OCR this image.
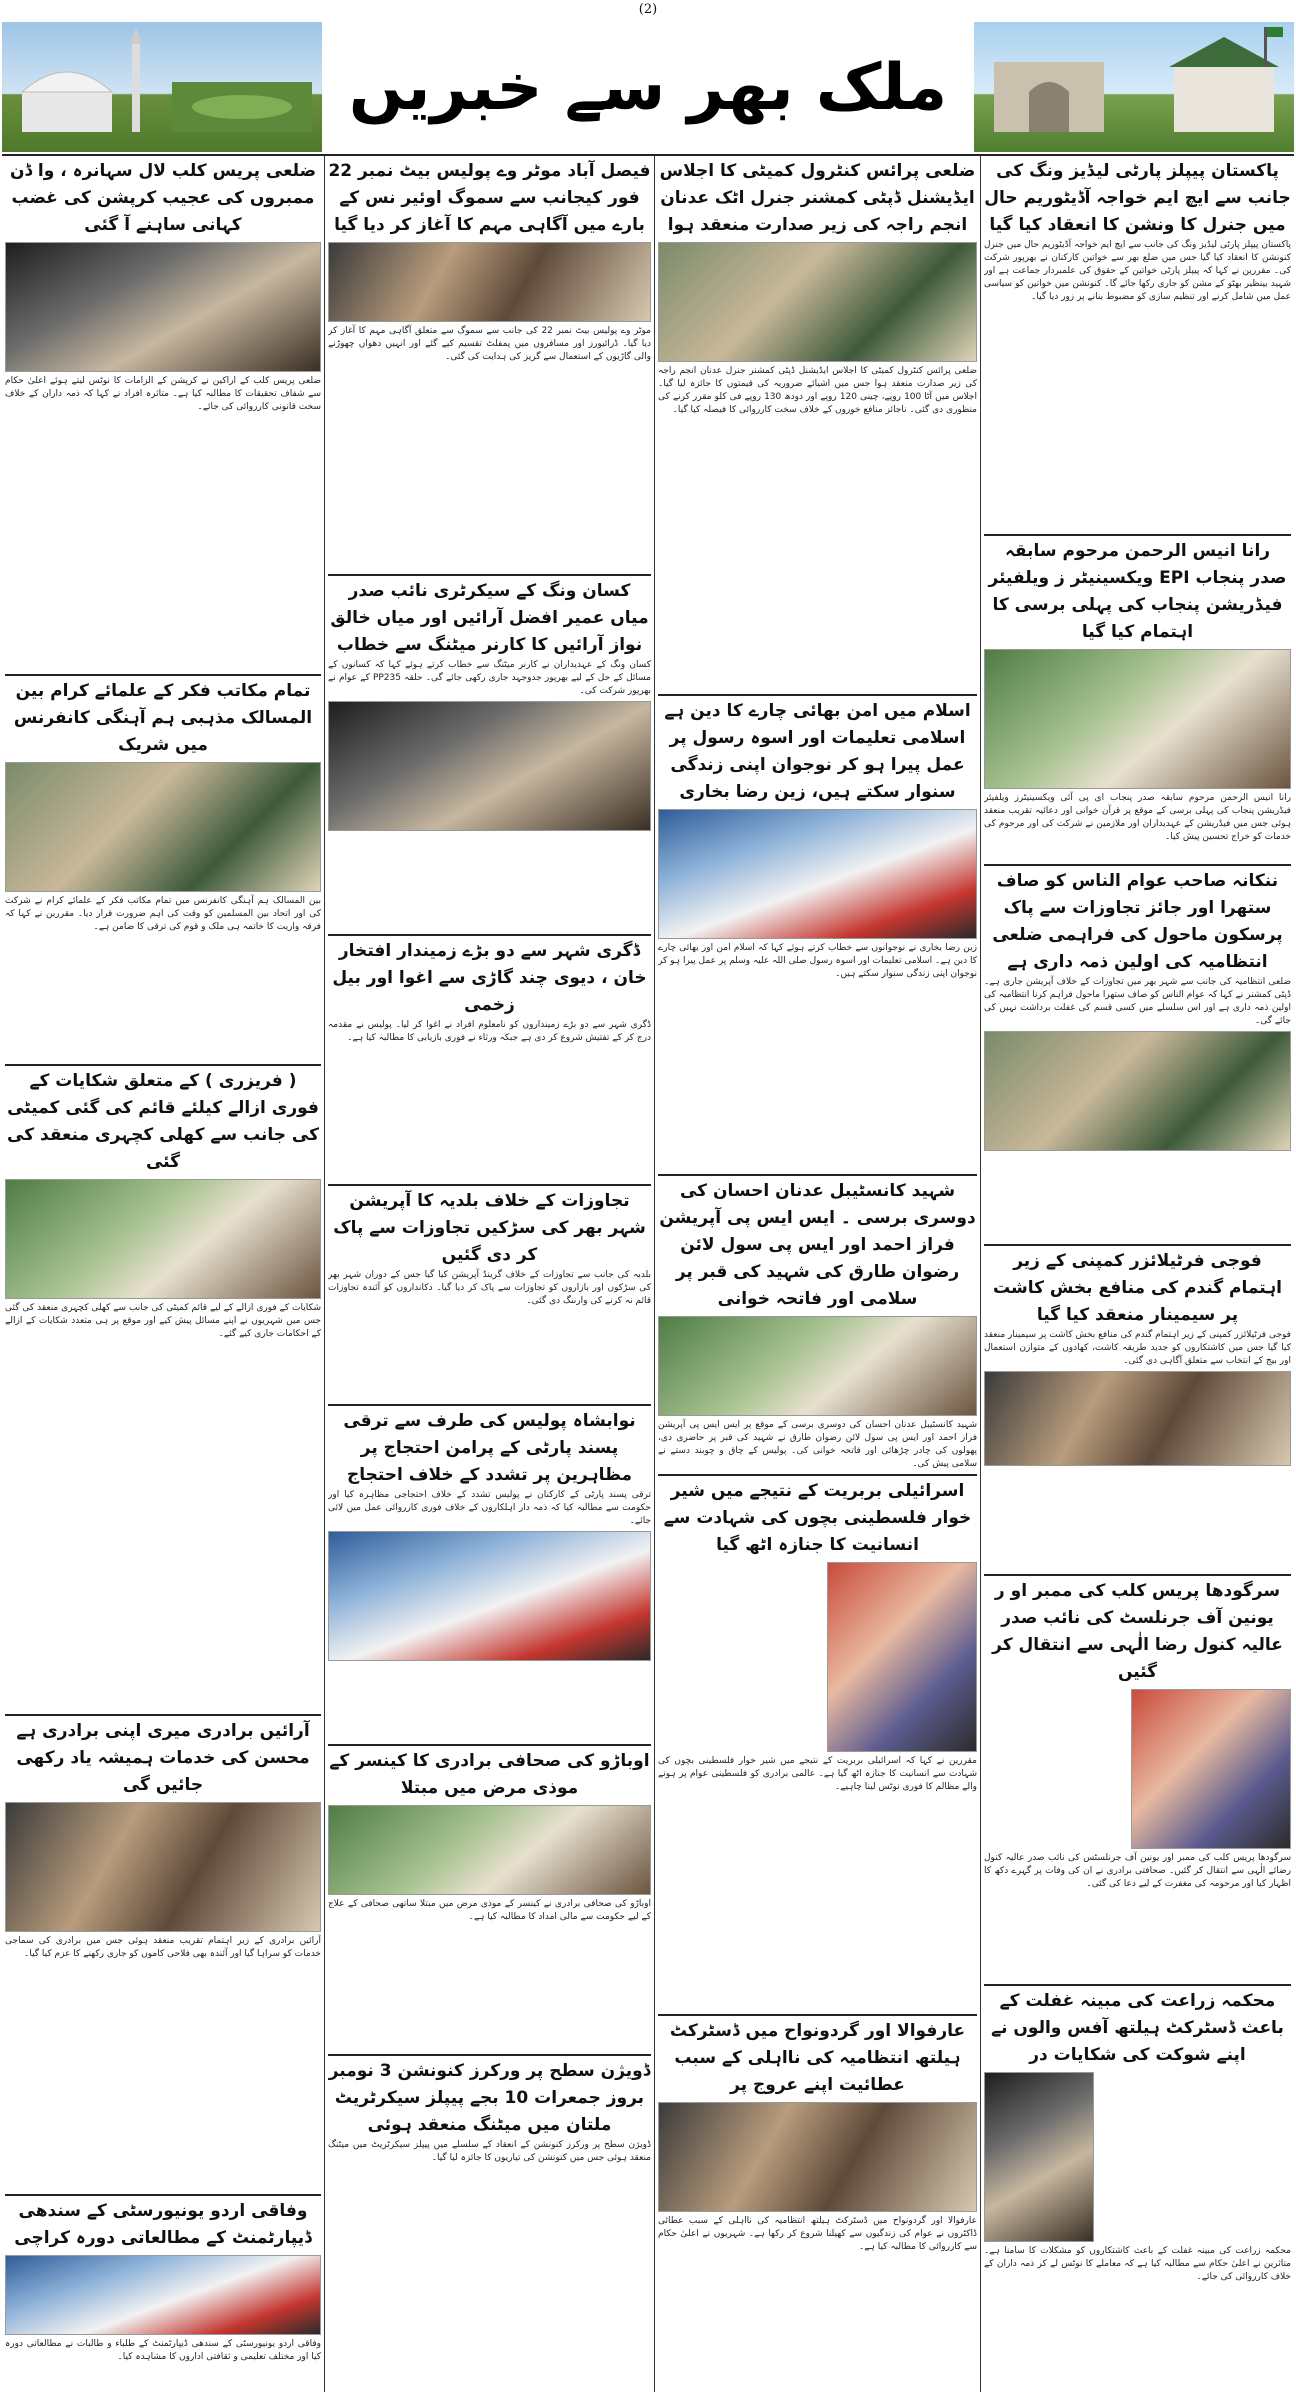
(2)
ملک بھر سے خبریں
پاکستان پیپلز پارٹی لیڈیز ونگ کی جانب سے ایچ ایم خواجہ آڈیٹوریم حال میں جنرل کا ونشن کا انعقاد کیا گیا
پاکستان پیپلز پارٹی لیڈیز ونگ کی جانب سے ایچ ایم خواجہ آڈیٹوریم حال میں جنرل کنونشن کا انعقاد کیا گیا جس میں ضلع بھر سے خواتین کارکنان نے بھرپور شرکت کی۔ مقررین نے کہا کہ پیپلز پارٹی خواتین کے حقوق کی علمبردار جماعت ہے اور شہید بینظیر بھٹو کے مشن کو جاری رکھا جائے گا۔ کنونشن میں خواتین کو سیاسی عمل میں شامل کرنے اور تنظیم سازی کو مضبوط بنانے پر زور دیا گیا۔
رانا انیس الرحمن مرحوم سابقہ صدر پنجاب EPI ویکسینیٹر ز ویلفیئر فیڈریشن پنجاب کی پہلی برسی کا اہتمام کیا گیا
رانا انیس الرحمن مرحوم سابقہ صدر پنجاب ای پی آئی ویکسینیٹرز ویلفیئر فیڈریشن پنجاب کی پہلی برسی کے موقع پر قرآن خوانی اور دعائیہ تقریب منعقد ہوئی جس میں فیڈریشن کے عہدیداران اور ملازمین نے شرکت کی اور مرحوم کی خدمات کو خراج تحسین پیش کیا۔
ننکانہ صاحب عوام الناس کو صاف ستھرا اور جائز تجاوزات سے پاک پرسکون ماحول کی فراہمی ضلعی انتظامیہ کی اولین ذمہ داری ہے
ضلعی انتظامیہ کی جانب سے شہر بھر میں تجاوزات کے خلاف آپریشن جاری ہے۔ ڈپٹی کمشنر نے کہا کہ عوام الناس کو صاف ستھرا ماحول فراہم کرنا انتظامیہ کی اولین ذمہ داری ہے اور اس سلسلے میں کسی قسم کی غفلت برداشت نہیں کی جائے گی۔
فوجی فرٹیلائزر کمپنی کے زیر اہتمام گندم کی منافع بخش کاشت پر سیمینار منعقد کیا گیا
فوجی فرٹیلائزر کمپنی کے زیر اہتمام گندم کی منافع بخش کاشت پر سیمینار منعقد کیا گیا جس میں کاشتکاروں کو جدید طریقہ کاشت، کھادوں کے متوازن استعمال اور بیج کے انتخاب سے متعلق آگاہی دی گئی۔
سرگودھا پریس کلب کی ممبر او ر یونین آف جرنلسٹ کی نائب صدر عالیہ کنول رضا الٰہی سے انتقال کر گئیں
سرگودھا پریس کلب کی ممبر اور یونین آف جرنلسٹس کی نائب صدر عالیہ کنول رضائے الٰہی سے انتقال کر گئیں۔ صحافتی برادری نے ان کی وفات پر گہرے دکھ کا اظہار کیا اور مرحومہ کی مغفرت کے لیے دعا کی گئی۔
محکمہ زراعت کی مبینہ غفلت کے باعث ڈسٹرکٹ ہیلتھ آفس والوں نے اپنے شوکت کی شکایات در
محکمہ زراعت کی مبینہ غفلت کے باعث کاشتکاروں کو مشکلات کا سامنا ہے۔ متاثرین نے اعلیٰ حکام سے مطالبہ کیا ہے کہ معاملے کا نوٹس لے کر ذمہ داران کے خلاف کارروائی کی جائے۔
ضلعی پرائس کنٹرول کمیٹی کا اجلاس ایڈیشنل ڈپٹی کمشنر جنرل اٹک عدنان انجم راجہ کی زیر صدارت منعقد ہوا
ضلعی پرائس کنٹرول کمیٹی کا اجلاس ایڈیشنل ڈپٹی کمشنر جنرل عدنان انجم راجہ کی زیر صدارت منعقد ہوا جس میں اشیائے ضروریہ کی قیمتوں کا جائزہ لیا گیا۔ اجلاس میں آٹا 100 روپے، چینی 120 روپے اور دودھ 130 روپے فی کلو مقرر کرنے کی منظوری دی گئی۔ ناجائز منافع خوروں کے خلاف سخت کارروائی کا فیصلہ کیا گیا۔
اسلام میں امن بھائی چارے کا دین ہے اسلامی تعلیمات اور اسوہ رسول پر عمل پیرا ہو کر نوجوان اپنی زندگی سنوار سکتے ہیں، زین رضا بخاری
زین رضا بخاری نے نوجوانوں سے خطاب کرتے ہوئے کہا کہ اسلام امن اور بھائی چارے کا دین ہے۔ اسلامی تعلیمات اور اسوہ رسول صلی اللہ علیہ وسلم پر عمل پیرا ہو کر نوجوان اپنی زندگی سنوار سکتے ہیں۔
شہید کانسٹیبل عدنان احسان کی دوسری برسی ۔ ایس ایس پی آپریشن فراز احمد اور ایس پی سول لائن رضوان طارق کی شہید کی قبر پر سلامی اور فاتحہ خوانی
شہید کانسٹیبل عدنان احسان کی دوسری برسی کے موقع پر ایس ایس پی آپریشن فراز احمد اور ایس پی سول لائن رضوان طارق نے شہید کی قبر پر حاضری دی، پھولوں کی چادر چڑھائی اور فاتحہ خوانی کی۔ پولیس کے چاق و چوبند دستے نے سلامی پیش کی۔
اسرائیلی بربریت کے نتیجے میں شیر خوار فلسطینی بچوں کی شہادت سے انسانیت کا جنازہ اٹھ گیا
مقررین نے کہا کہ اسرائیلی بربریت کے نتیجے میں شیر خوار فلسطینی بچوں کی شہادت سے انسانیت کا جنازہ اٹھ گیا ہے۔ عالمی برادری کو فلسطینی عوام پر ہونے والے مظالم کا فوری نوٹس لینا چاہیے۔
عارفوالا اور گردونواح میں ڈسٹرکٹ ہیلتھ انتظامیہ کی نااہلی کے سبب عطائیت اپنے عروج پر
عارفوالا اور گردونواح میں ڈسٹرکٹ ہیلتھ انتظامیہ کی نااہلی کے سبب عطائی ڈاکٹروں نے عوام کی زندگیوں سے کھیلنا شروع کر رکھا ہے۔ شہریوں نے اعلیٰ حکام سے کارروائی کا مطالبہ کیا ہے۔
فیصل آباد موٹر وے پولیس بیٹ نمبر 22 فور کیجانب سے سموگ اوئیر نس کے بارے میں آگاہی مہم کا آغاز کر دیا گیا
موٹر وے پولیس بیٹ نمبر 22 کی جانب سے سموگ سے متعلق آگاہی مہم کا آغاز کر دیا گیا۔ ڈرائیورز اور مسافروں میں پمفلٹ تقسیم کیے گئے اور انہیں دھواں چھوڑنے والی گاڑیوں کے استعمال سے گریز کی ہدایت کی گئی۔
کسان ونگ کے سیکرٹری نائب صدر میاں عمیر افضل آرائیں اور میاں خالق نواز آرائیں کا کارنر میٹنگ سے خطاب
کسان ونگ کے عہدیداران نے کارنر میٹنگ سے خطاب کرتے ہوئے کہا کہ کسانوں کے مسائل کے حل کے لیے بھرپور جدوجہد جاری رکھی جائے گی۔ حلقہ PP235 کے عوام نے بھرپور شرکت کی۔
ڈگری شہر سے دو بڑے زمیندار افتخار خان ، دیوی چند گاڑی سے اغوا اور بیل زخمی
ڈگری شہر سے دو بڑے زمینداروں کو نامعلوم افراد نے اغوا کر لیا۔ پولیس نے مقدمہ درج کر کے تفتیش شروع کر دی ہے جبکہ ورثاء نے فوری بازیابی کا مطالبہ کیا ہے۔
تجاوزات کے خلاف بلدیہ کا آپریشن شہر بھر کی سڑکیں تجاوزات سے پاک کر دی گئیں
بلدیہ کی جانب سے تجاوزات کے خلاف گرینڈ آپریشن کیا گیا جس کے دوران شہر بھر کی سڑکوں اور بازاروں کو تجاوزات سے پاک کر دیا گیا۔ دکانداروں کو آئندہ تجاوزات قائم نہ کرنے کی وارننگ دی گئی۔
نوابشاہ پولیس کی طرف سے ترقی پسند پارٹی کے پرامن احتجاج پر مظاہرین پر تشدد کے خلاف احتجاج
ترقی پسند پارٹی کے کارکنان نے پولیس تشدد کے خلاف احتجاجی مظاہرہ کیا اور حکومت سے مطالبہ کیا کہ ذمہ دار اہلکاروں کے خلاف فوری کارروائی عمل میں لائی جائے۔
اوباڑو کی صحافی برادری کا کینسر کے موذی مرض میں مبتلا
اوباڑو کی صحافی برادری نے کینسر کے موذی مرض میں مبتلا ساتھی صحافی کے علاج کے لیے حکومت سے مالی امداد کا مطالبہ کیا ہے۔
ڈویژن سطح پر ورکرز کنونشن 3 نومبر بروز جمعرات 10 بجے پیپلز سیکرٹریٹ ملتان میں میٹنگ منعقد ہوئی
ڈویژن سطح پر ورکرز کنونشن کے انعقاد کے سلسلے میں پیپلز سیکرٹریٹ میں میٹنگ منعقد ہوئی جس میں کنونشن کی تیاریوں کا جائزہ لیا گیا۔
ضلعی پریس کلب لال سہانرہ ، وا ڈن ممبروں کی عجیب کرپشن کی غضب کہانی ساہنے آ گئی
ضلعی پریس کلب کے اراکین نے کرپشن کے الزامات کا نوٹس لیتے ہوئے اعلیٰ حکام سے شفاف تحقیقات کا مطالبہ کیا ہے۔ متاثرہ افراد نے کہا کہ ذمہ داران کے خلاف سخت قانونی کارروائی کی جائے۔
تمام مکاتب فکر کے علمائے کرام بین المسالک مذہبی ہم آہنگی کانفرنس میں شریک
بین المسالک ہم آہنگی کانفرنس میں تمام مکاتب فکر کے علمائے کرام نے شرکت کی اور اتحاد بین المسلمین کو وقت کی اہم ضرورت قرار دیا۔ مقررین نے کہا کہ فرقہ واریت کا خاتمہ ہی ملک و قوم کی ترقی کا ضامن ہے۔
( فریزری ) کے متعلق شکایات کے فوری ازالے کیلئے قائم کی گئی کمیٹی کی جانب سے کھلی کچہری منعقد کی گئی
شکایات کے فوری ازالے کے لیے قائم کمیٹی کی جانب سے کھلی کچہری منعقد کی گئی جس میں شہریوں نے اپنے مسائل پیش کیے اور موقع پر ہی متعدد شکایات کے ازالے کے احکامات جاری کیے گئے۔
آرائیں برادری میری اپنی برادری ہے محسن کی خدمات ہمیشہ یاد رکھی جائیں گی
آرائیں برادری کے زیر اہتمام تقریب منعقد ہوئی جس میں برادری کی سماجی خدمات کو سراہا گیا اور آئندہ بھی فلاحی کاموں کو جاری رکھنے کا عزم کیا گیا۔
وفاقی اردو یونیورسٹی کے سندھی ڈیپارٹمنٹ کے مطالعاتی دورہ کراچی
وفاقی اردو یونیورسٹی کے سندھی ڈیپارٹمنٹ کے طلباء و طالبات نے مطالعاتی دورہ کیا اور مختلف تعلیمی و ثقافتی اداروں کا مشاہدہ کیا۔
